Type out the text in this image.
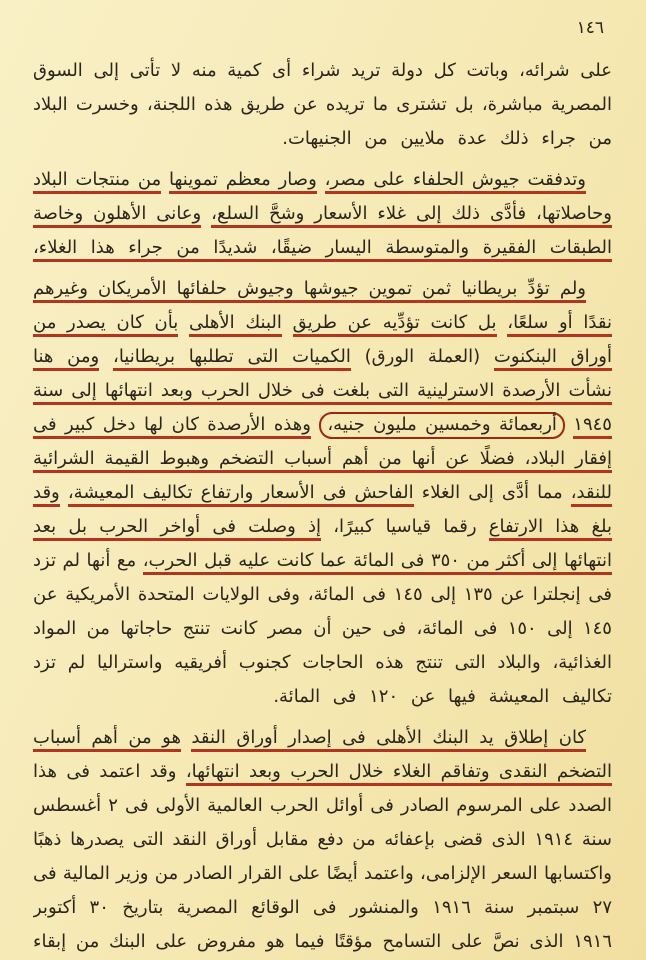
١٤٦
على شرائه، وباتت كل دولة تريد شراء أى كمية منه لا تأتى إلى السوق
المصرية مباشرة، بل تشترى ما تريده عن طريق هذه اللجنة، وخسرت البلاد
من جراء ذلك عدة ملايين من الجنيهات.
وتدفقت جيوش الحلفاء على مصر، وصار معظم تموينها من منتجات البلاد
وحاصلاتها، فأدَّى ذلك إلى غلاء الأسعار وشحَّ السلع، وعانى الأهلون وخاصة
الطبقات الفقيرة والمتوسطة اليسار ضيقًا، شديدًا من جراء هذا الغلاء،
ولم تؤدِّ بريطانيا ثمن تموين جيوشها وجيوش حلفائها الأمريكان وغيرهم
نقدًا أو سلعًا، بل كانت تؤدِّيه عن طريق البنك الأهلى بأن كان يصدر من
أوراق البنكنوت (العملة الورق) الكميات التى تطلبها بريطانيا، ومن هنا
نشأت الأرصدة الاسترلينية التى بلغت فى خلال الحرب وبعد انتهائها إلى سنة
١٩٤٥ أربعمائة وخمسين مليون جنيه، وهذه الأرصدة كان لها دخل كبير فى
إفقار البلاد، فضلًا عن أنها من أهم أسباب التضخم وهبوط القيمة الشرائية
للنقد، مما أدَّى إلى الغلاء الفاحش فى الأسعار وارتفاع تكاليف المعيشة، وقد
بلغ هذا الارتفاع رقما قياسيا كبيرًا، إذ وصلت فى أواخر الحرب بل بعد
انتهائها إلى أكثر من ٣٥٠ فى المائة عما كانت عليه قبل الحرب، مع أنها لم تزد
فى إنجلترا عن ١٣٥ إلى ١٤٥ فى المائة، وفى الولايات المتحدة الأمريكية عن
١٤٥ إلى ١٥٠ فى المائة، فى حين أن مصر كانت تنتج حاجاتها من المواد
الغذائية، والبلاد التى تنتج هذه الحاجات كجنوب أفريقيه واستراليا لم تزد
تكاليف المعيشة فيها عن ١٢٠ فى المائة.
كان إطلاق يد البنك الأهلى فى إصدار أوراق النقد هو من أهم أسباب
التضخم النقدى وتفاقم الغلاء خلال الحرب وبعد انتهائها، وقد اعتمد فى هذا
الصدد على المرسوم الصادر فى أوائل الحرب العالمية الأولى فى ٢ أغسطس
سنة ١٩١٤ الذى قضى بإعفائه من دفع مقابل أوراق النقد التى يصدرها ذهبًا
واكتسابها السعر الإلزامى، واعتمد أيضًا على القرار الصادر من وزير المالية فى
٢٧ سبتمبر سنة ١٩١٦ والمنشور فى الوقائع المصرية بتاريخ ٣٠ أكتوبر
١٩١٦ الذى نصَّ على التسامح مؤقتًا فيما هو مفروض على البنك من إبقاء
